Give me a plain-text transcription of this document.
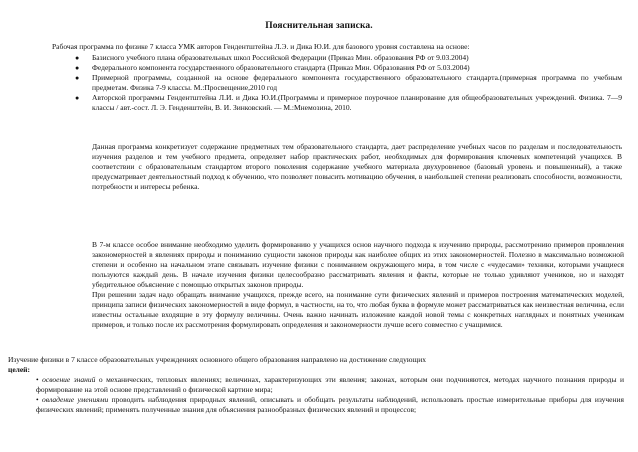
Пояснительная записка.
Рабочая программа по физике 7 класса УМК авторов Гендентштейна Л.Э. и Дика Ю.И. для базового уровня составлена на основе:
● Базисного учебного плана образовательных школ Российской Федерации (Приказ Мин. образования РФ от 9.03.2004)
● Федерального компонента государственного образовательного стандарта (Приказ Мин. Образования РФ от 5.03.2004)
● Примерной программы, созданной на основе федерального компонента государственного образовательного стандарта.(примерная программа по учебным предметам. Физика 7-9 классы. М.:Просвещение,2010 год
● Авторской программы Гендентштейна Л.И. и Дика Ю.И.(Программы и примерное поурочное планирование для общеобразовательных учреждений. Физика. 7—9 классы / авт.-сост. Л. Э. Генденштейн, В. И. Зинковский. — М.:Мнемозина, 2010.
Данная программа конкретизует содержание предметных тем образовательного стандарта, дает распределение учебных часов по разделам и последовательность изучения разделов и тем учебного предмета, определяет набор практических работ, необходимых для формирования ключевых компетенций учащихся. В соответствии с образовательным стандартом второго поколения содержание учебного материала двухуровневое (базовый уровень и повышенный), а также предусматривает деятельностный подход к обучению, что позволяет повысить мотивацию обучения, в наибольшей степени реализовать способности, возможности, потребности и интересы ребенка.
В 7-м классе особое внимание необходимо уделить формированию у учащихся основ научного подхода к изучению природы, рассмотрению примеров проявления закономерностей в явлениях природы и пониманию сущности законов природы как наиболее общих из этих закономерностей. Полезно в максимально возможной степени и особенно на начальном этапе связывать изучение физики с пониманием окружающего мира, в том числе с «чудесами» техники, которыми учащиеся пользуются каждый день. В начале изучения физики целесообразно рассматривать явления и факты, которые не только удивляют учеников, но и находят убедительное объяснение с помощью открытых законов природы.
При решении задач надо обращать внимание учащихся, прежде всего, на понимание сути физических явлений и примеров построения математических моделей, принципа записи физических закономерностей в виде формул, в частности, на то, что любая буква в формуле может рассматриваться как неизвестная величина, если известны остальные входящие в эту формулу величины. Очень важно начинать изложение каждой новой темы с конкретных наглядных и понятных ученикам примеров, и только после их рассмотрения формулировать определения и закономерности лучше всего совместно с учащимися.
Изучение физики в 7 классе образовательных учреждениях основного общего образования направлено на достижение следующих
целей:
• освоение знаний о механических, тепловых явлениях; величинах, характеризующих эти явления; законах, которым они подчиняются, методах научного познания природы и формирование на этой основе представлений о физической картине мира;
• овладение умениями проводить наблюдения природных явлений, описывать и обобщать результаты наблюдений, использовать простые измерительные приборы для изучения физических явлений; применять полученные знания для объяснения разнообразных физических явлений и процессов;
